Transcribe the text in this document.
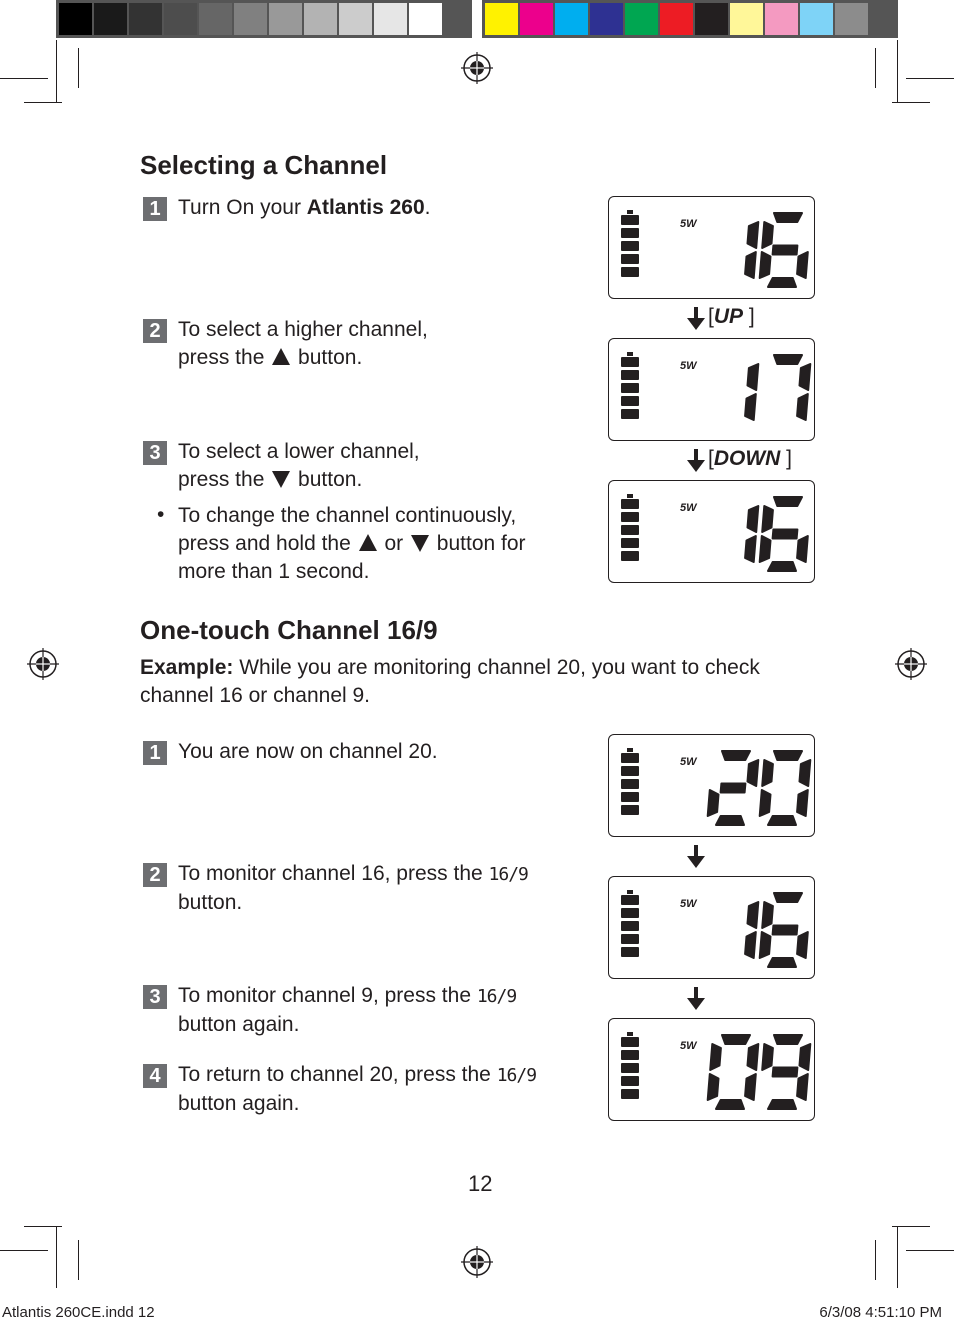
Selecting a Channel
1 Turn On your Atlantis 260.
2 To select a higher channel,
press the  button.
3 To select a lower channel,
press the  button.
• To change the channel continuously,
press and hold the  or  button for
more than 1 second.
5W
5W
5W
[UP ]
[DOWN ]
One-touch Channel 16/9
Example: While you are monitoring channel 20, you want to check
channel 16 or channel 9.
1 You are now on channel 20.
2 To monitor channel 16, press the 16/9
button.
3 To monitor channel 9, press the 16/9
button again.
4 To return to channel 20, press the 16/9
button again.
5W
5W
5W
12
Atlantis 260CE.indd 12	6/3/08 4:51:10 PM
